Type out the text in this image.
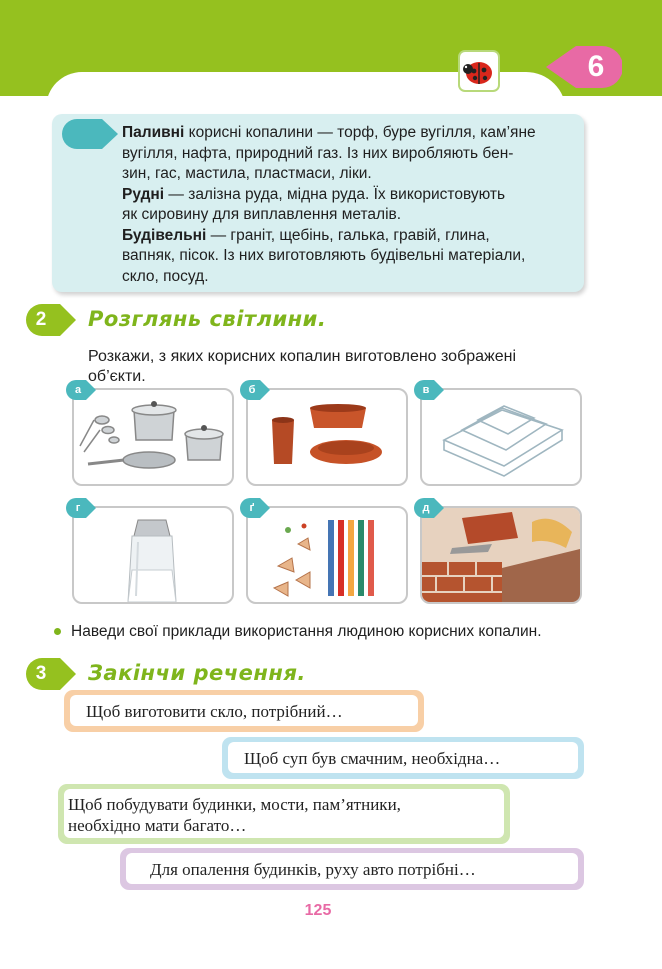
6

Паливні корисні копалини — торф, буре вугілля, кам’яне

вугілля, нафта, природний газ. Із них виробляють бен-

зин, гас, мастила, пластмаси, ліки.

Рудні — залізна руда, мідна руда. Їх використовують

як сировину для виплавлення металів.

Будівельні — граніт, щебінь, галька, гравій, глина,

вапняк, пісок. Із них виготовляють будівельні матеріали,

скло, посуд.

2	Розглянь світлини.
Розкажи, з яких корисних копалин виготовлено зображені
об’єкти.
а	б	в
г	ґ	д
Наведи свої приклади використання людиною корисних копалин.
3	Закінчи речення.
Щоб виготовити скло, потрібний…
Щоб суп був смачним, необхідна…
Щоб побудувати будинки, мости, пам’ятники,
необхідно мати багато…
Для опалення будинків, руху авто потрібні…
125
